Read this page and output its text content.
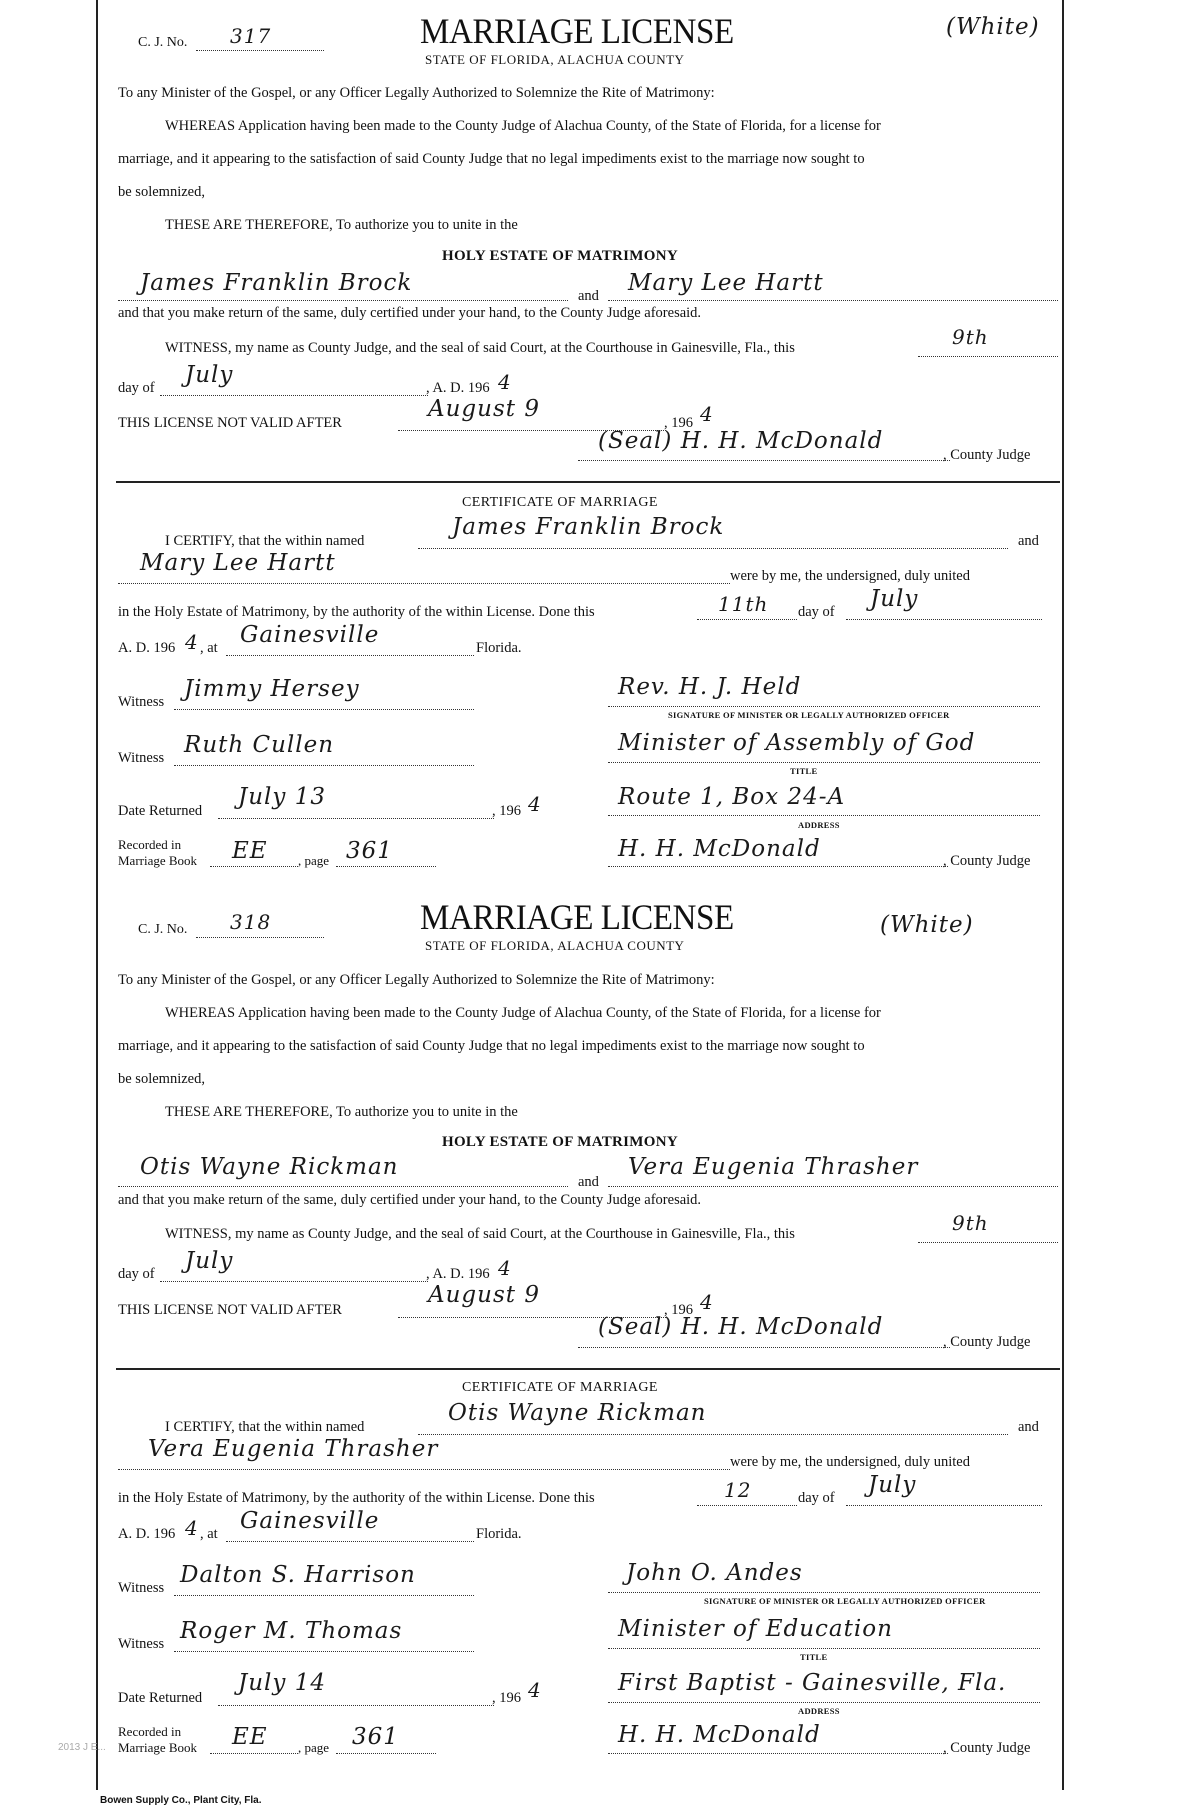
C. J. No. 317	MARRIAGE LICENSE	(White)
STATE OF FLORIDA, ALACHUA COUNTY
To any Minister of the Gospel, or any Officer Legally Authorized to Solemnize the Rite of Matrimony:
WHEREAS Application having been made to the County Judge of Alachua County, of the State of Florida, for a license for
marriage, and it appearing to the satisfaction of said County Judge that no legal impediments exist to the marriage now sought to
be solemnized,
THESE ARE THEREFORE, To authorize you to unite in the
HOLY ESTATE OF MATRIMONY
James Franklin Brock	and Mary Lee Hartt
and that you make return of the same, duly certified under your hand, to the County Judge aforesaid.
WITNESS, my name as County Judge, and the seal of said Court, at the Courthouse in Gainesville, Fla., this	9th
day of July	, A. D. 196 4
THIS LICENSE NOT VALID AFTER
August 9
, 196 4
(Seal) H. H. McDonald
, County Judge
CERTIFICATE OF MARRIAGE
I CERTIFY, that the within named
James Franklin Brock
and
Mary Lee Hartt	were by me, the undersigned, duly united
in the Holy Estate of Matrimony, by the authority of the within License. Done this	11th day of July
A. D. 196 4 , at Gainesville	Florida.
Witness Jimmy Hersey	Rev. H. J. Held
SIGNATURE OF MINISTER OR LEGALLY AUTHORIZED OFFICER
Witness Ruth Cullen	Minister of Assembly of God
TITLE
Date Returned
July 13
, 196 4	Route 1, Box 24-A
ADDRESS
Recorded in
Marriage Book EE , page 361	H. H. McDonald	, County Judge
C. J. No. 318	MARRIAGE LICENSE	(White)
STATE OF FLORIDA, ALACHUA COUNTY
To any Minister of the Gospel, or any Officer Legally Authorized to Solemnize the Rite of Matrimony:
WHEREAS Application having been made to the County Judge of Alachua County, of the State of Florida, for a license for
marriage, and it appearing to the satisfaction of said County Judge that no legal impediments exist to the marriage now sought to
be solemnized,
THESE ARE THEREFORE, To authorize you to unite in the
HOLY ESTATE OF MATRIMONY
Otis Wayne Rickman
and
Vera Eugenia Thrasher
and that you make return of the same, duly certified under your hand, to the County Judge aforesaid.
WITNESS, my name as County Judge, and the seal of said Court, at the Courthouse in Gainesville, Fla., this	9th
day of July	, A. D. 196 4
THIS LICENSE NOT VALID AFTER
August 9
, 196 4
(Seal) H. H. McDonald
, County Judge
CERTIFICATE OF MARRIAGE
I CERTIFY, that the within named
Otis Wayne Rickman
and
Vera Eugenia Thrasher	were by me, the undersigned, duly united
in the Holy Estate of Matrimony, by the authority of the within License. Done this	12	day of July
A. D. 196 4 , at Gainesville	Florida.
Witness Dalton S. Harrison	John O. Andes
SIGNATURE OF MINISTER OR LEGALLY AUTHORIZED OFFICER
Witness Roger M. Thomas	Minister of Education
TITLE
Date Returned
July 14
, 196 4	First Baptist - Gainesville, Fla.
ADDRESS
Recorded in
Marriage Book EE , page 361	H. H. McDonald	, County Judge
2013 J E...
Bowen Supply Co., Plant City, Fla.
